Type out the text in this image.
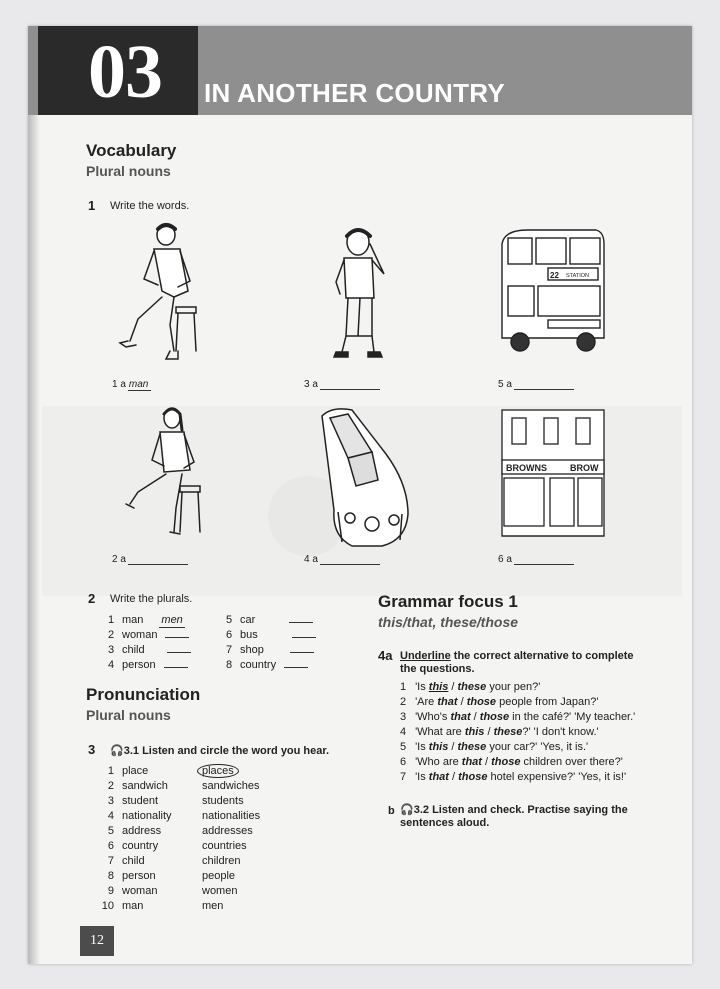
03 IN ANOTHER COUNTRY
Vocabulary
Plural nouns
1 Write the words.
22 STATION
1 a man	3 a	5 a
BROWNS	BROW
2 a	4 a	6 a
2 Write the plurals.
1 man men
2 woman
3 child
4 person
5 car
6 bus
7 shop
8 country
Pronunciation
Plural nouns
3 🎧3.1 Listen and circle the word you hear.
1 place	places
2 sandwich	sandwiches
3 student	students
4 nationality	nationalities
5 address	addresses
6 country	countries
7 child	children
8 person	people
9 woman	women
10 man	men
Grammar focus 1
this/that, these/those
4a Underline the correct alternative to complete
the questions.
1 'Is this / these your pen?'
2 'Are that / those people from Japan?'
3 'Who's that / those in the café?' 'My teacher.'
4 'What are this / these?' 'I don't know.'
5 'Is this / these your car?' 'Yes, it is.'
6 'Who are that / those children over there?'
7 'Is that / those hotel expensive?' 'Yes, it is!'
b 🎧3.2 Listen and check. Practise saying the
sentences aloud.
12
